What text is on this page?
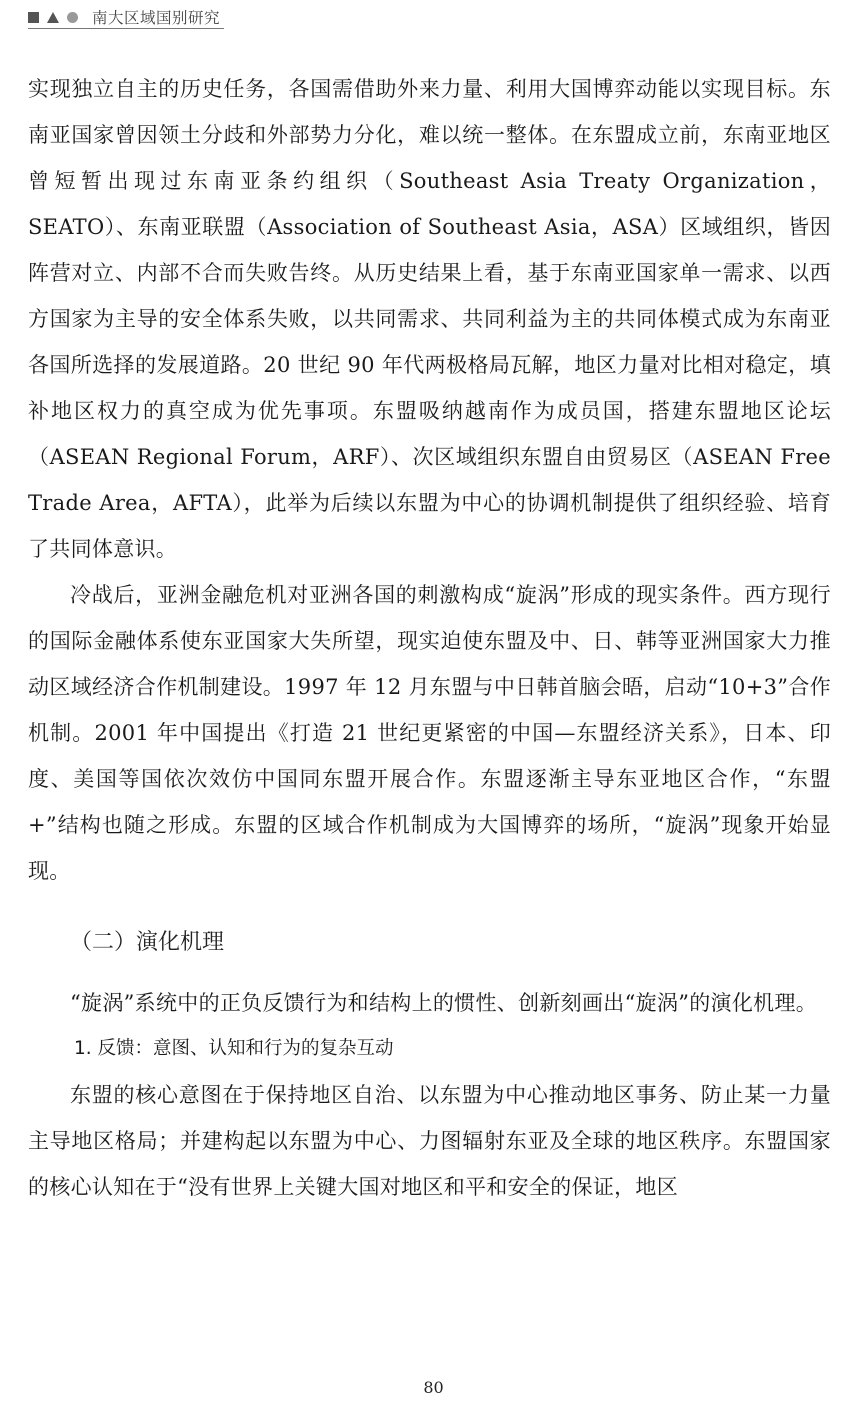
南大区域国别研究

实现独立自主的历史任务，各国需借助外来力量、利用大国博弈动能以实现目标。东南亚国家曾因领土分歧和外部势力分化，难以统一整体。在东盟成立前，东南亚地区曾短暂出现过东南亚条约组织（Southeast Asia Treaty Organization，SEATO）、东南亚联盟（Association of Southeast Asia，ASA）区域组织，皆因阵营对立、内部不合而失败告终。从历史结果上看，基于东南亚国家单一需求、以西方国家为主导的安全体系失败，以共同需求、共同利益为主的共同体模式成为东南亚各国所选择的发展道路。20 世纪 90 年代两极格局瓦解，地区力量对比相对稳定，填补地区权力的真空成为优先事项。东盟吸纳越南作为成员国，搭建东盟地区论坛（ASEAN Regional Forum，ARF）、次区域组织东盟自由贸易区（ASEAN Free Trade Area，AFTA），此举为后续以东盟为中心的协调机制提供了组织经验、培育了共同体意识。

冷战后，亚洲金融危机对亚洲各国的刺激构成“旋涡”形成的现实条件。西方现行的国际金融体系使东亚国家大失所望，现实迫使东盟及中、日、韩等亚洲国家大力推动区域经济合作机制建设。1997 年 12 月东盟与中日韩首脑会晤，启动“10+3”合作机制。2001 年中国提出《打造 21 世纪更紧密的中国—东盟经济关系》，日本、印度、美国等国依次效仿中国同东盟开展合作。东盟逐渐主导东亚地区合作，“东盟 +”结构也随之形成。东盟的区域合作机制成为大国博弈的场所，“旋涡”现象开始显现。

（二）演化机理

“旋涡”系统中的正负反馈行为和结构上的惯性、创新刻画出“旋涡”的演化机理。

1. 反馈：意图、认知和行为的复杂互动

东盟的核心意图在于保持地区自治、以东盟为中心推动地区事务、防止某一力量主导地区格局；并建构起以东盟为中心、力图辐射东亚及全球的地区秩序。东盟国家的核心认知在于“没有世界上关键大国对地区和平和安全的保证，地区

80
